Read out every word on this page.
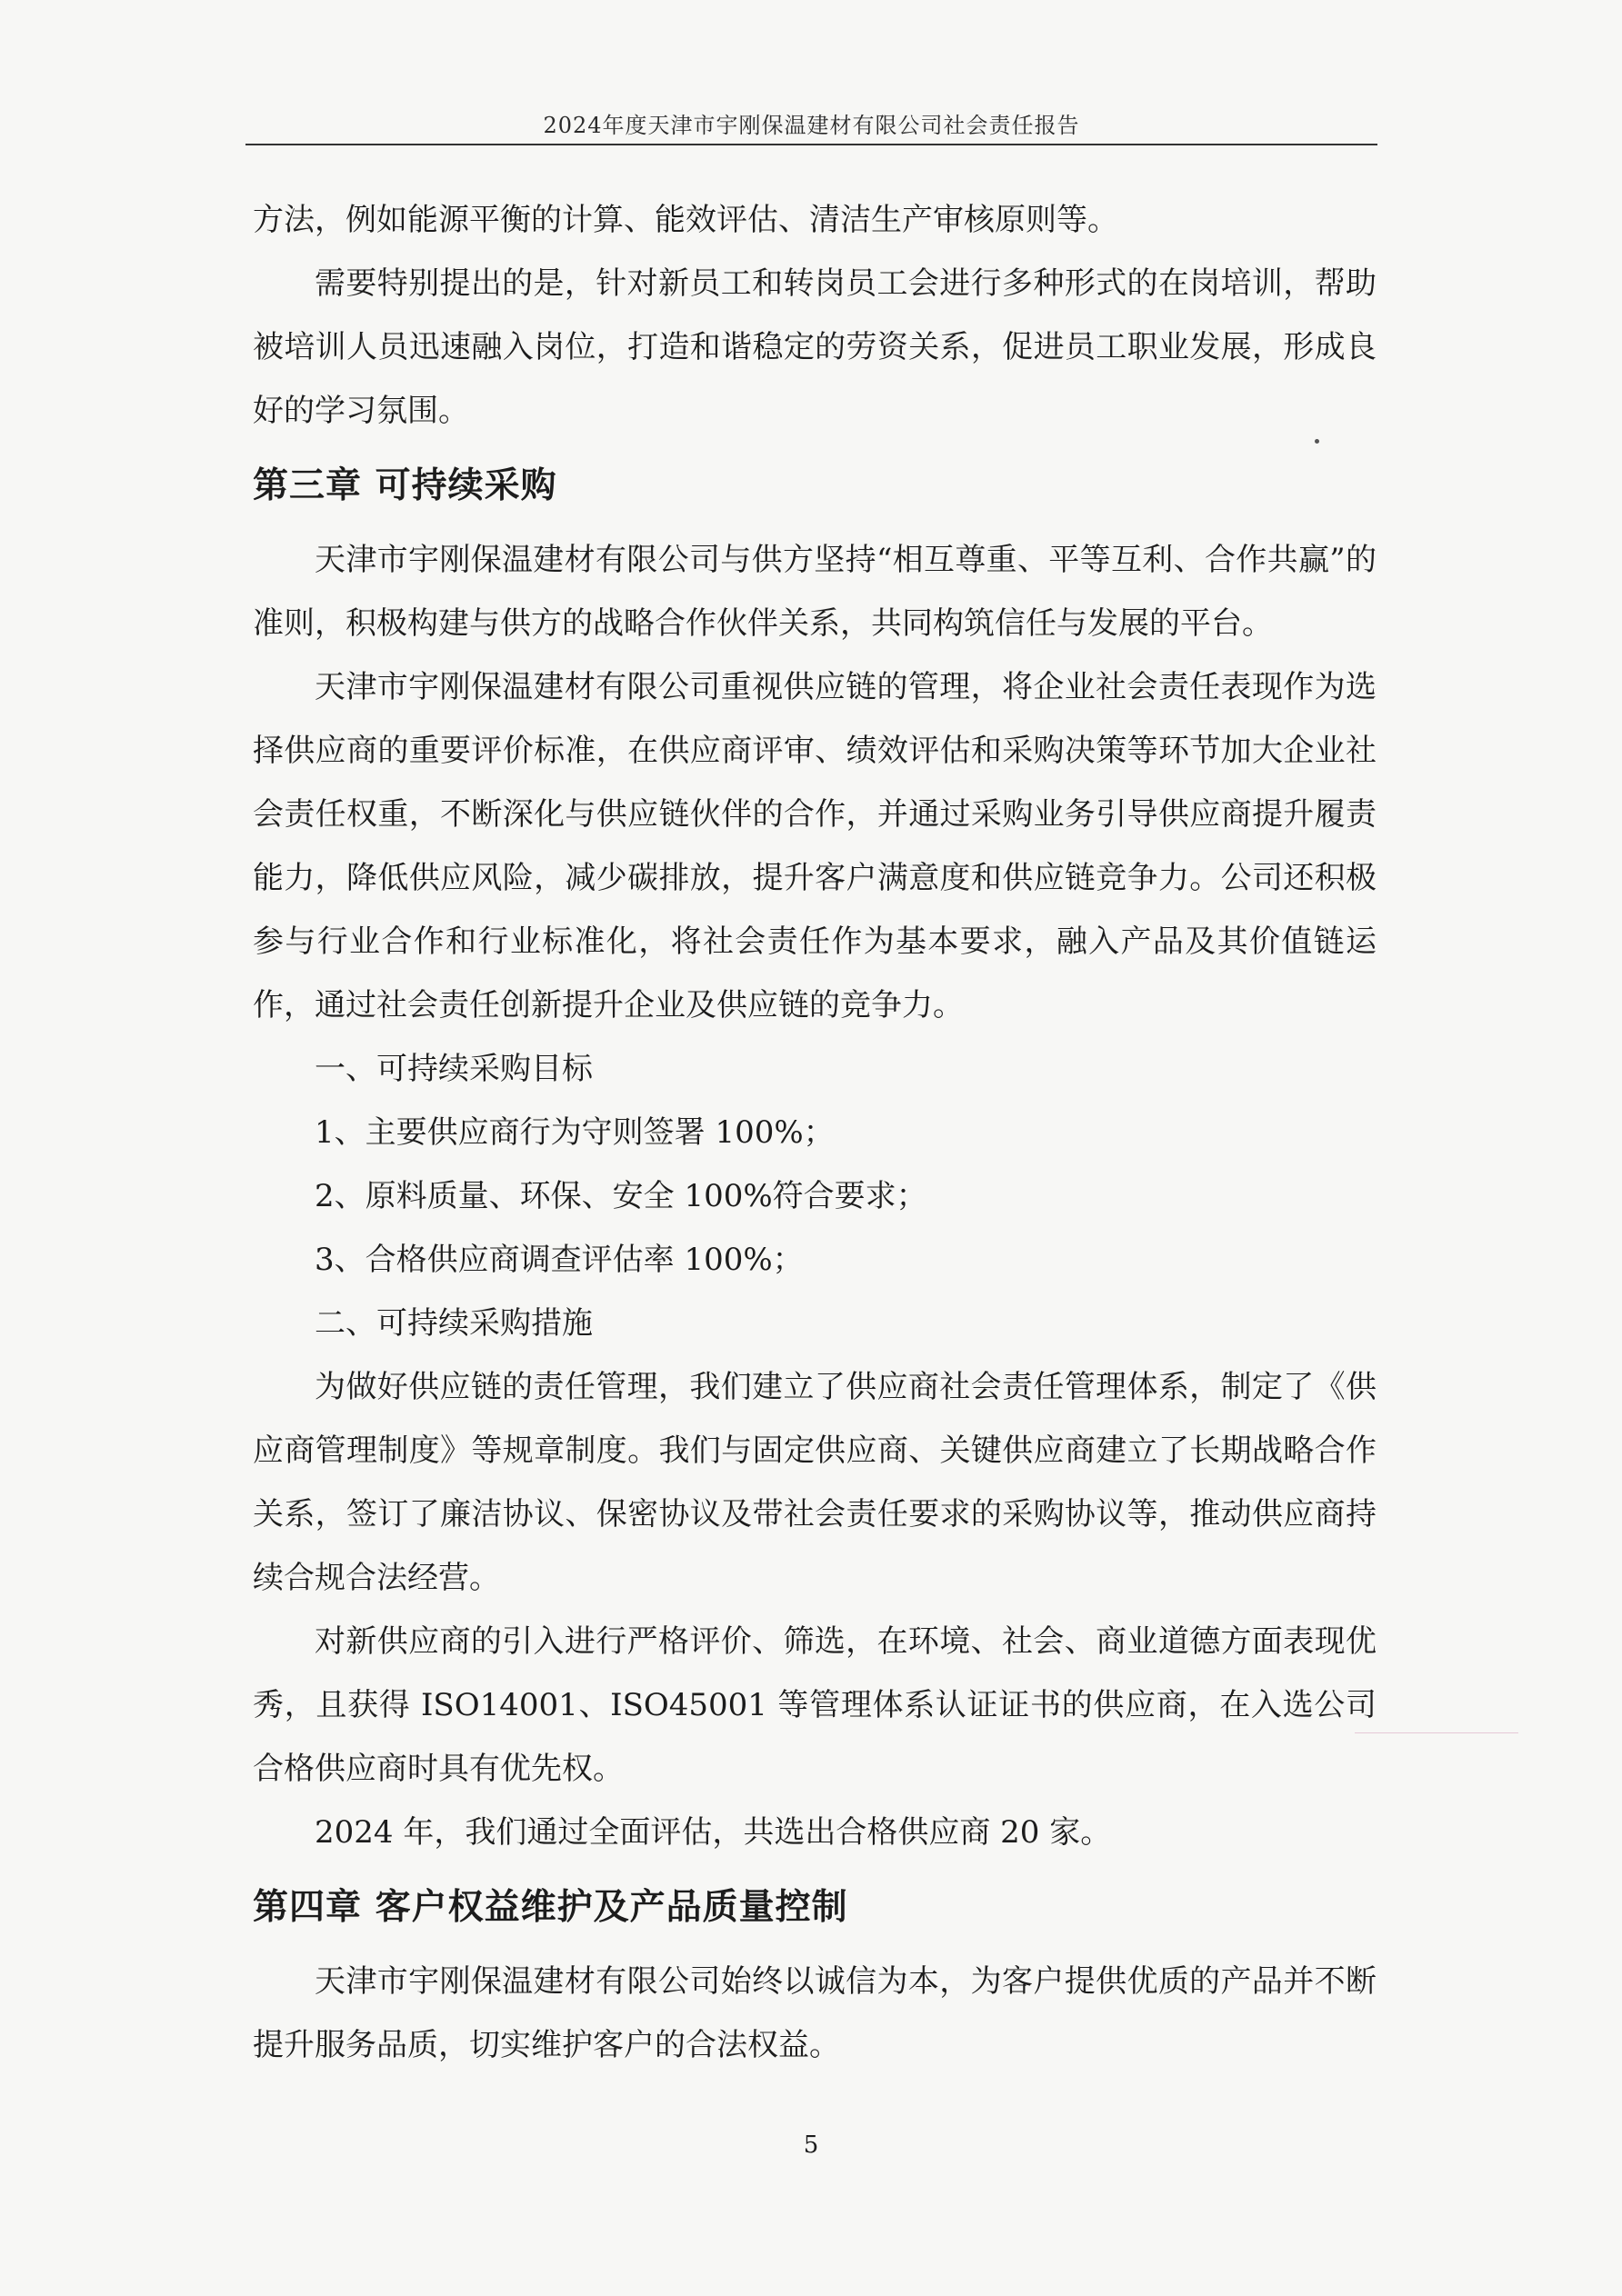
2024年度天津市宇刚保温建材有限公司社会责任报告

方法，例如能源平衡的计算、能效评估、清洁生产审核原则等。

需要特别提出的是，针对新员工和转岗员工会进行多种形式的在岗培训，帮助被培训人员迅速融入岗位，打造和谐稳定的劳资关系，促进员工职业发展，形成良好的学习氛围。

第三章 可持续采购

天津市宇刚保温建材有限公司与供方坚持“相互尊重、平等互利、合作共赢”的准则，积极构建与供方的战略合作伙伴关系，共同构筑信任与发展的平台。

天津市宇刚保温建材有限公司重视供应链的管理，将企业社会责任表现作为选择供应商的重要评价标准，在供应商评审、绩效评估和采购决策等环节加大企业社会责任权重，不断深化与供应链伙伴的合作，并通过采购业务引导供应商提升履责能力，降低供应风险，减少碳排放，提升客户满意度和供应链竞争力。公司还积极参与行业合作和行业标准化，将社会责任作为基本要求，融入产品及其价值链运作，通过社会责任创新提升企业及供应链的竞争力。

一、可持续采购目标

1、主要供应商行为守则签署 100%；

2、原料质量、环保、安全 100%符合要求；

3、合格供应商调查评估率 100%；

二、可持续采购措施

为做好供应链的责任管理，我们建立了供应商社会责任管理体系，制定了《供应商管理制度》等规章制度。我们与固定供应商、关键供应商建立了长期战略合作关系，签订了廉洁协议、保密协议及带社会责任要求的采购协议等，推动供应商持续合规合法经营。

对新供应商的引入进行严格评价、筛选，在环境、社会、商业道德方面表现优秀，且获得 ISO14001、ISO45001 等管理体系认证证书的供应商，在入选公司合格供应商时具有优先权。

2024 年，我们通过全面评估，共选出合格供应商 20 家。

第四章 客户权益维护及产品质量控制

天津市宇刚保温建材有限公司始终以诚信为本，为客户提供优质的产品并不断提升服务品质，切实维护客户的合法权益。

5
